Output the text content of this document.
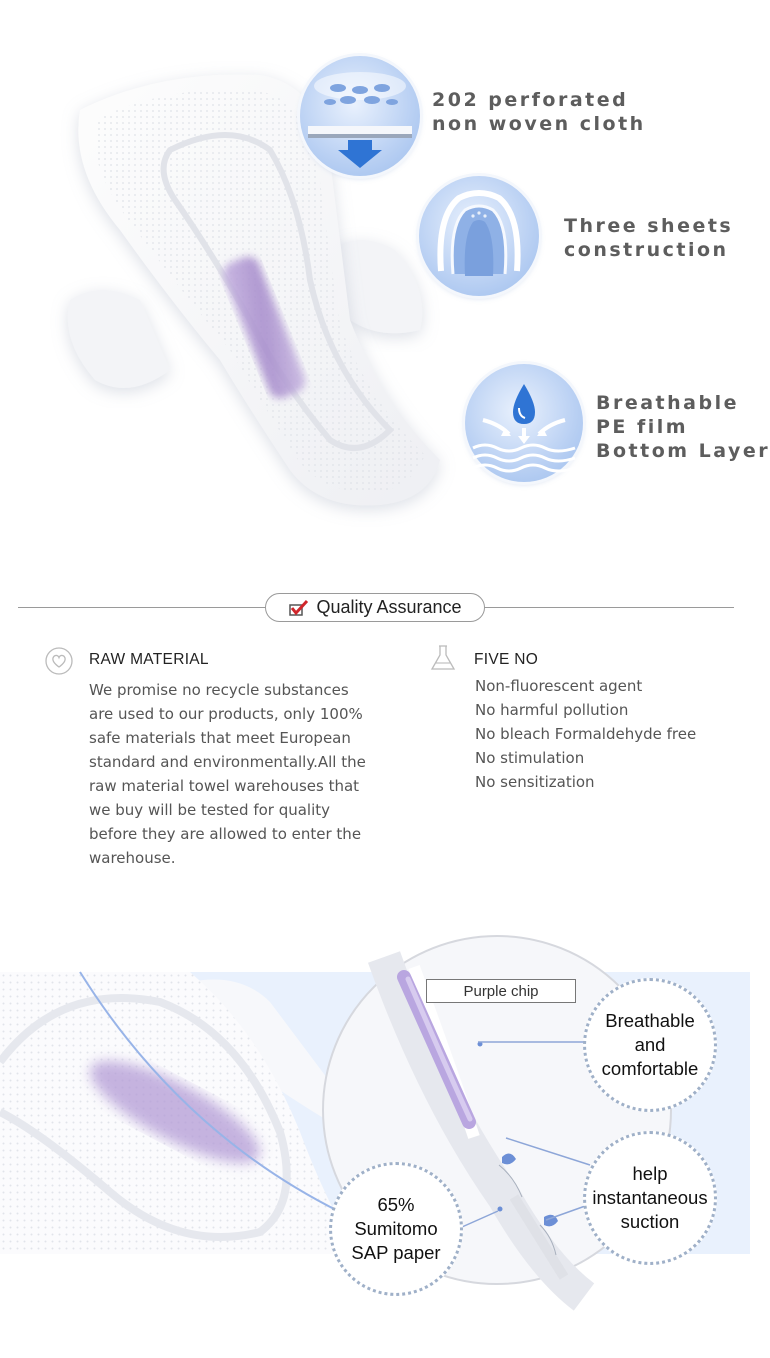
202 perforated
non woven cloth
Three sheets
construction
Breathable
PE film
Bottom Layer
Quality Assurance
RAW MATERIAL

We promise no recycle substances

are used to our products, only 100%

safe materials that meet European

standard and environmentally.All the

raw material towel warehouses that

we buy will be tested for quality

before they are allowed to enter the

warehouse.

FIVE NO
Non-fluorescent agent
No harmful pollution
No bleach Formaldehyde free
No stimulation
No sensitization
Purple chip
Breathable
and
comfortable
help
instantaneous
suction
65%
Sumitomo
SAP paper
